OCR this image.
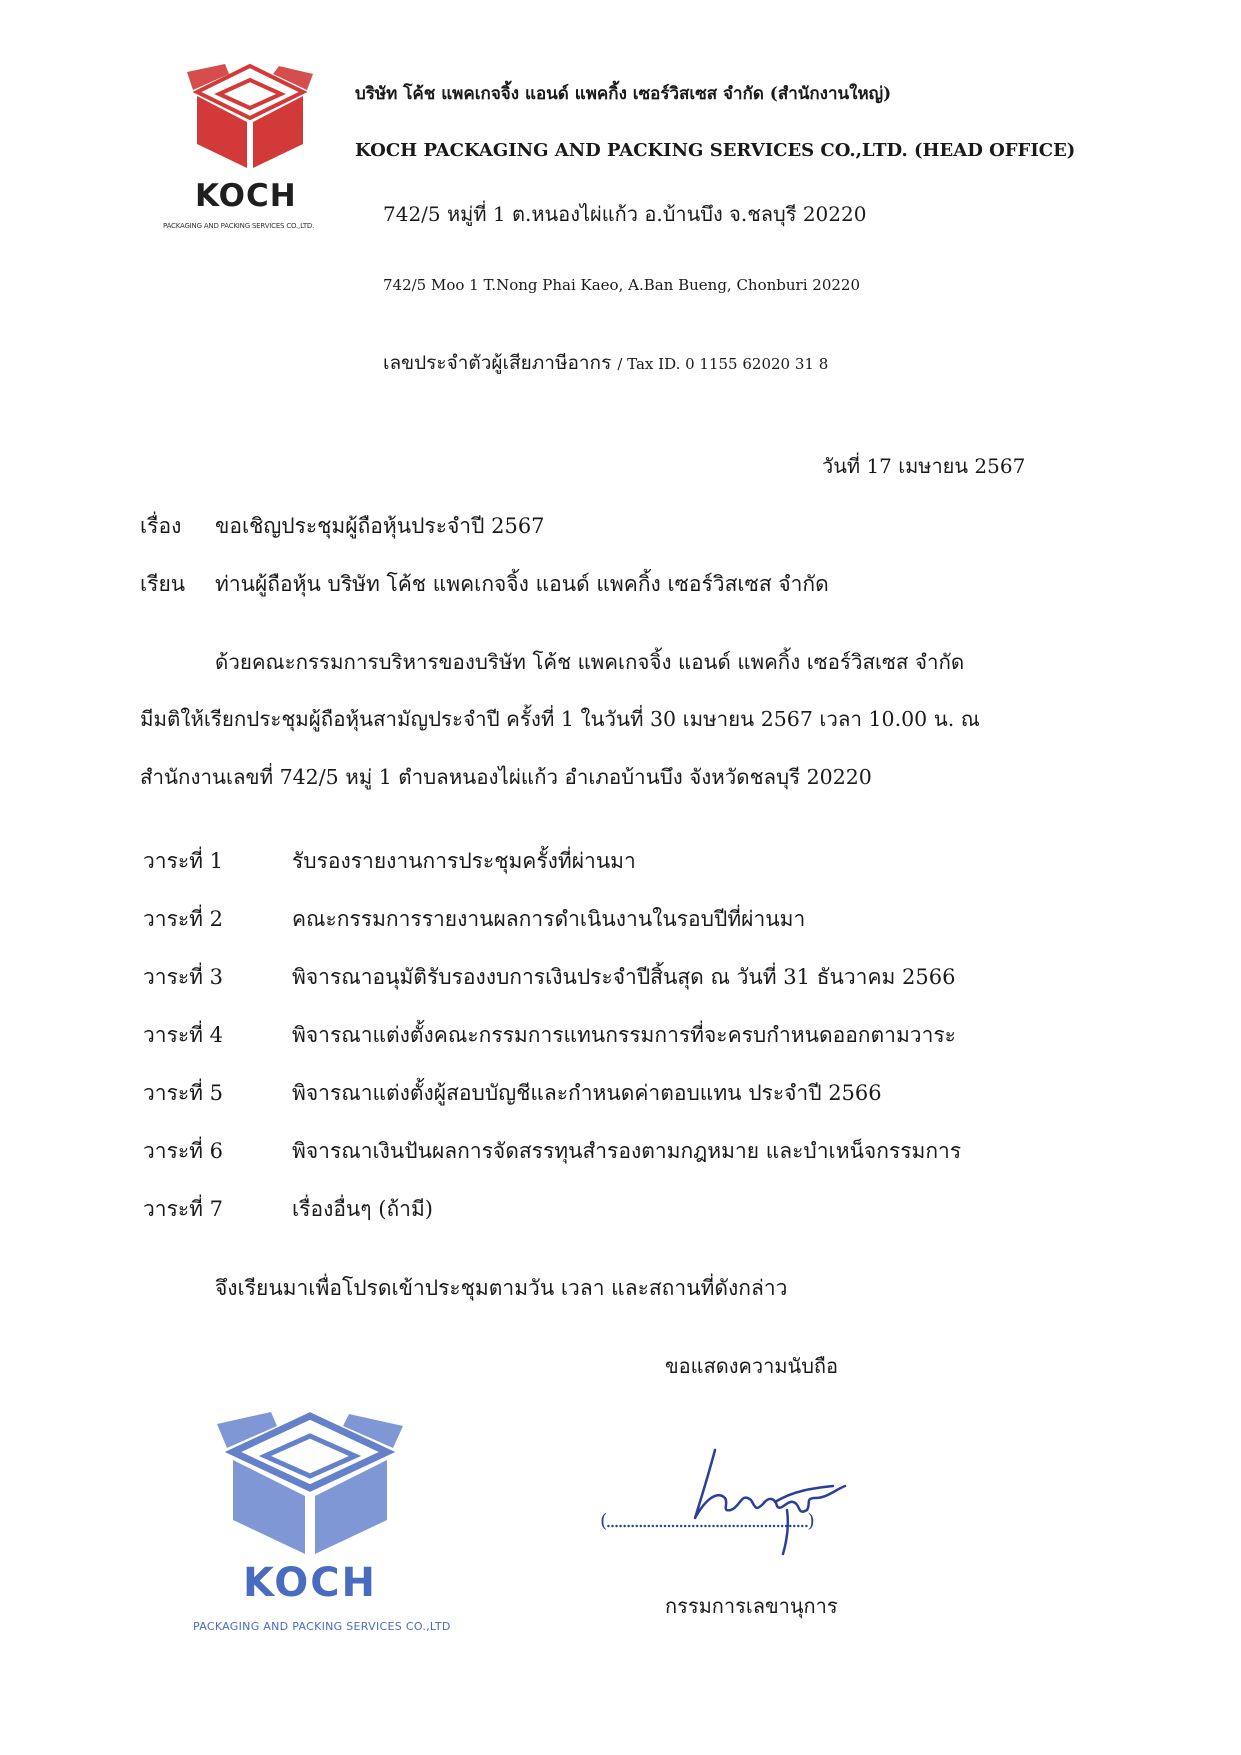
KOCH
PACKAGING AND PACKING SERVICES CO.,LTD.
บริษัท โค้ช แพคเกจจิ้ง แอนด์ แพคกิ้ง เซอร์วิสเซส จำกัด (สำนักงานใหญ่)
KOCH PACKAGING AND PACKING SERVICES CO.,LTD. (HEAD OFFICE)
742/5 หมู่ที่ 1 ต.หนองไผ่แก้ว อ.บ้านบึง จ.ชลบุรี 20220
742/5 Moo 1 T.Nong Phai Kaeo, A.Ban Bueng, Chonburi 20220
เลขประจำตัวผู้เสียภาษีอากร / Tax ID. 0 1155 62020 31 8
วันที่ 17 เมษายน 2567
เรื่อง ขอเชิญประชุมผู้ถือหุ้นประจำปี 2567
เรียน ท่านผู้ถือหุ้น บริษัท โค้ช แพคเกจจิ้ง แอนด์ แพคกิ้ง เซอร์วิสเซส จำกัด
ด้วยคณะกรรมการบริหารของบริษัท โค้ช แพคเกจจิ้ง แอนด์ แพคกิ้ง เซอร์วิสเซส จำกัด
มีมติให้เรียกประชุมผู้ถือหุ้นสามัญประจำปี ครั้งที่ 1 ในวันที่ 30 เมษายน 2567 เวลา 10.00 น. ณ
สำนักงานเลขที่ 742/5 หมู่ 1 ตำบลหนองไผ่แก้ว อำเภอบ้านบึง จังหวัดชลบุรี 20220
วาระที่ 1	รับรองรายงานการประชุมครั้งที่ผ่านมา
วาระที่ 2	คณะกรรมการรายงานผลการดำเนินงานในรอบปีที่ผ่านมา
วาระที่ 3	พิจารณาอนุมัติรับรองงบการเงินประจำปีสิ้นสุด ณ วันที่ 31 ธันวาคม 2566
วาระที่ 4	พิจารณาแต่งตั้งคณะกรรมการแทนกรรมการที่จะครบกำหนดออกตามวาระ
วาระที่ 5	พิจารณาแต่งตั้งผู้สอบบัญชีและกำหนดค่าตอบแทน ประจำปี 2566
วาระที่ 6	พิจารณาเงินปันผลการจัดสรรทุนสำรองตามกฎหมาย และบำเหน็จกรรมการ
วาระที่ 7	เรื่องอื่นๆ (ถ้ามี)
จึงเรียนมาเพื่อโปรดเข้าประชุมตามวัน เวลา และสถานที่ดังกล่าว
ขอแสดงความนับถือ
KOCH
PACKAGING AND PACKING SERVICES CO.,LTD
(..................................................)
กรรมการเลขานุการ
